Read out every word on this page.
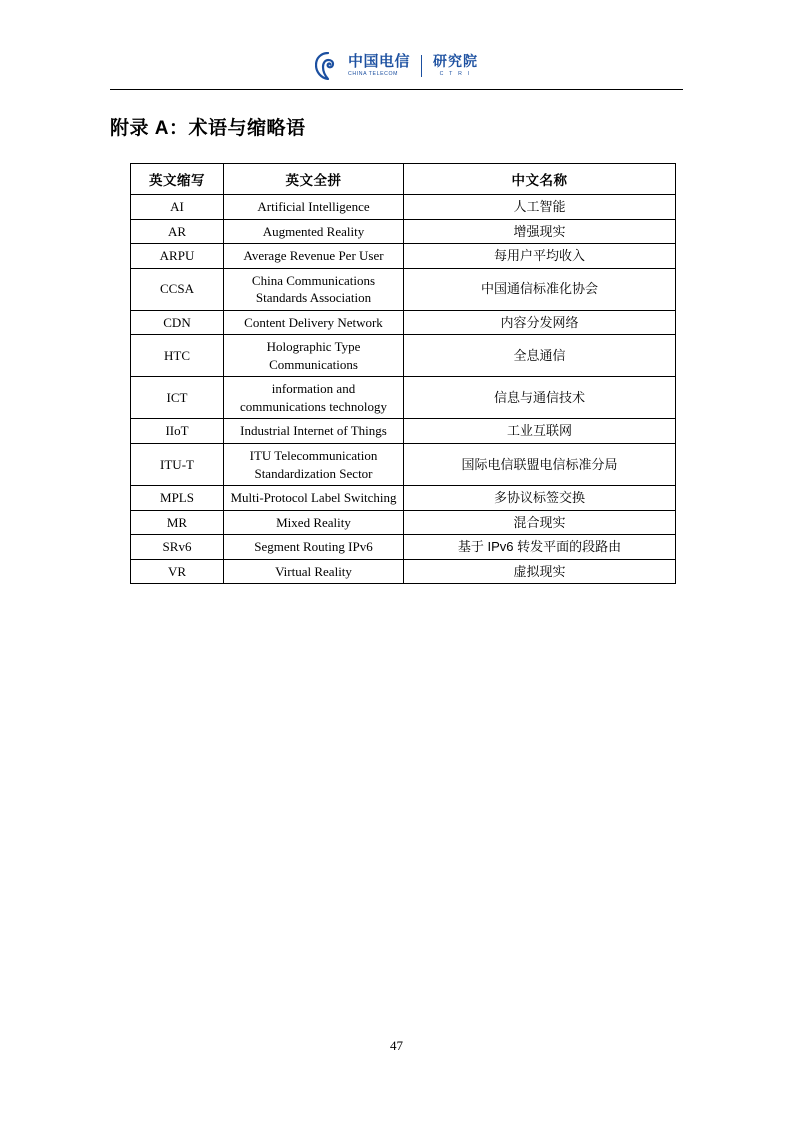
中国电信
CHINA TELECOM
研究院
C T R I
附录 A：术语与缩略语
英文缩写	英文全拼	中文名称
AI	Artificial Intelligence	人工智能
AR	Augmented Reality	增强现实
ARPU	Average Revenue Per User	每用户平均收入
CCSA	China Communications Standards Association	中国通信标准化协会
CDN	Content Delivery Network	内容分发网络
HTC	Holographic Type Communications	全息通信
ICT	information and communications technology	信息与通信技术
IIoT	Industrial Internet of Things	工业互联网
ITU-T	ITU Telecommunication Standardization Sector	国际电信联盟电信标准分局
MPLS	Multi-Protocol Label Switching	多协议标签交换
MR	Mixed Reality	混合现实
SRv6	Segment Routing IPv6	基于 IPv6 转发平面的段路由
VR	Virtual Reality	虚拟现实
47
